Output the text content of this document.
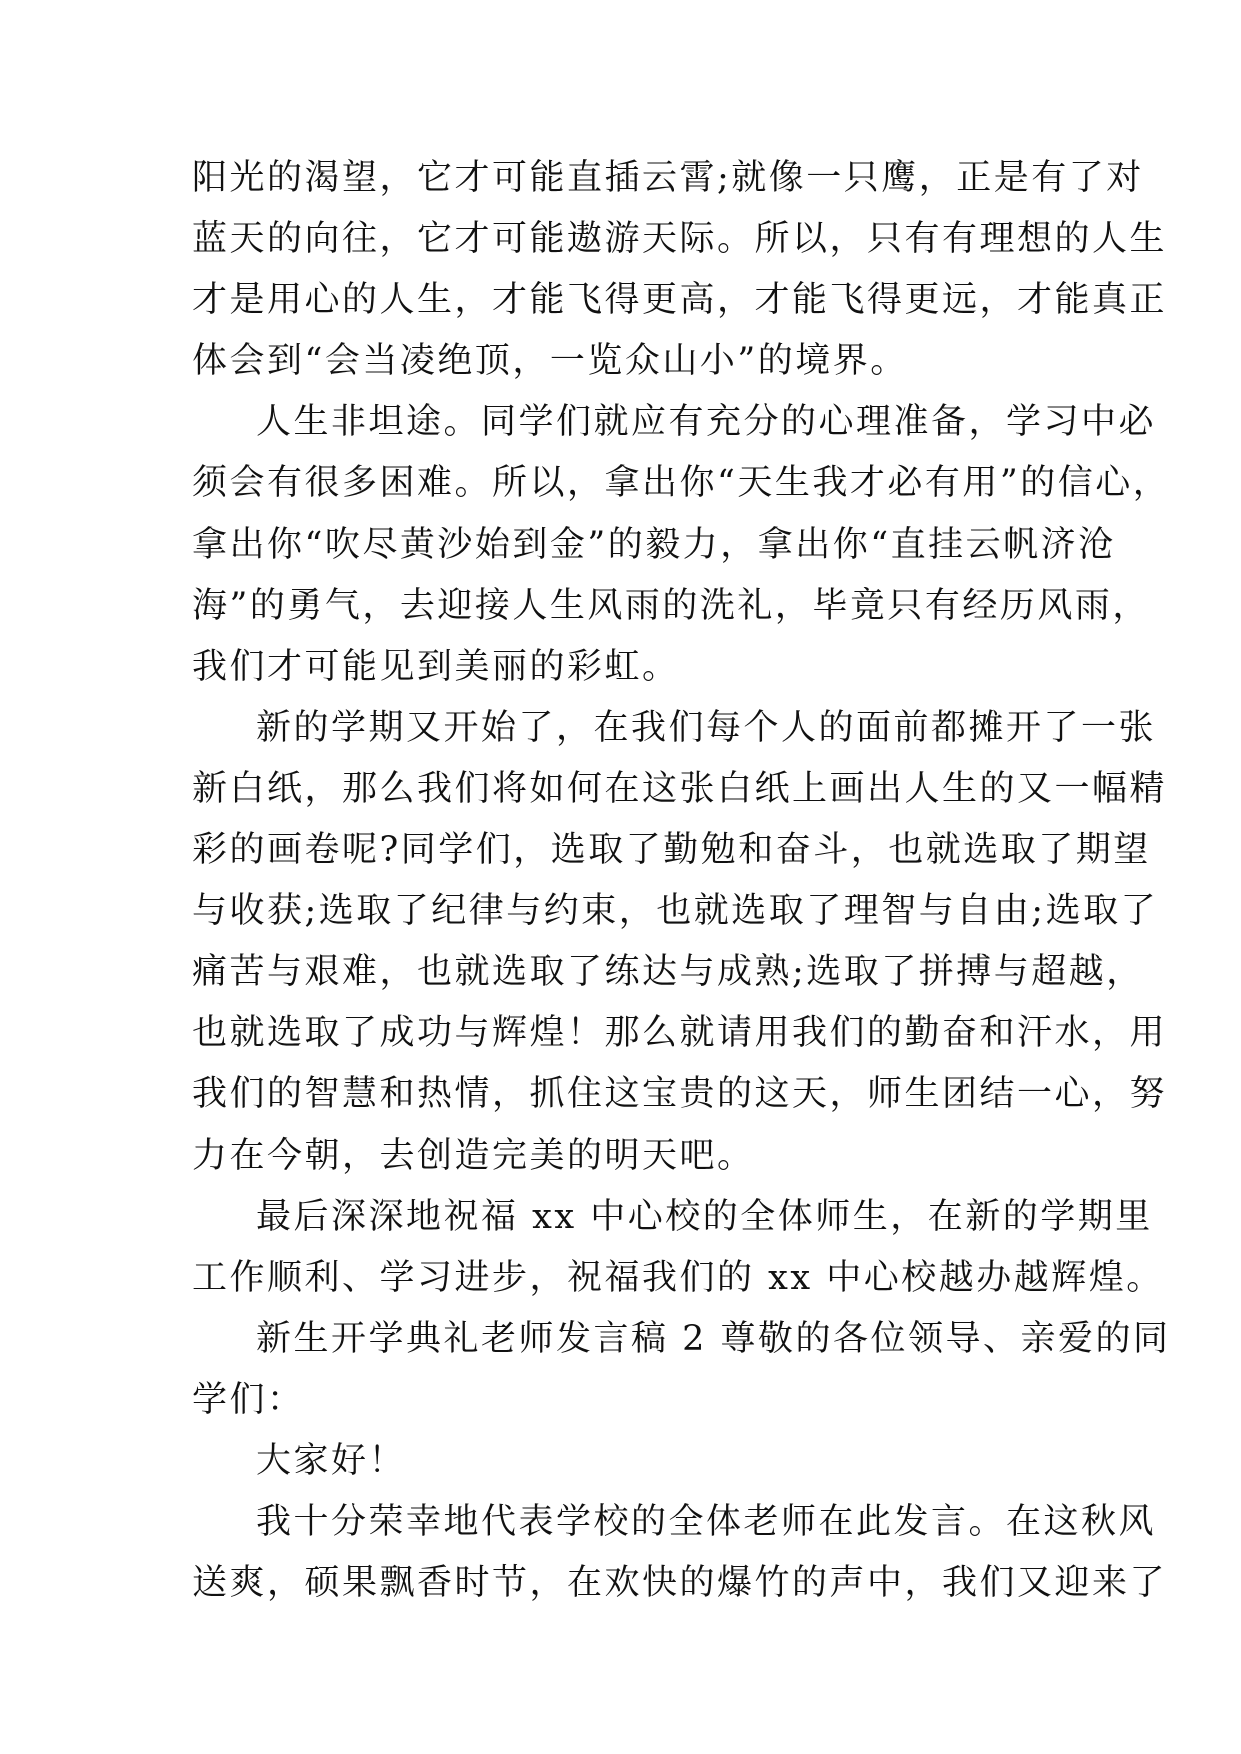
阳光的渴望，它才可能直插云霄;就像一只鹰，正是有了对
蓝天的向往，它才可能遨游天际。所以，只有有理想的人生
才是用心的人生，才能飞得更高，才能飞得更远，才能真正
体会到“会当凌绝顶，一览众山小”的境界。
人生非坦途。同学们就应有充分的心理准备，学习中必
须会有很多困难。所以，拿出你“天生我才必有用”的信心，
拿出你“吹尽黄沙始到金”的毅力，拿出你“直挂云帆济沧
海”的勇气，去迎接人生风雨的洗礼，毕竟只有经历风雨，
我们才可能见到美丽的彩虹。
新的学期又开始了，在我们每个人的面前都摊开了一张
新白纸，那么我们将如何在这张白纸上画出人生的又一幅精
彩的画卷呢?同学们，选取了勤勉和奋斗，也就选取了期望
与收获;选取了纪律与约束，也就选取了理智与自由;选取了
痛苦与艰难，也就选取了练达与成熟;选取了拼搏与超越，
也就选取了成功与辉煌！那么就请用我们的勤奋和汗水，用
我们的智慧和热情，抓住这宝贵的这天，师生团结一心，努
力在今朝，去创造完美的明天吧。
最后深深地祝福 xx 中心校的全体师生，在新的学期里
工作顺利、学习进步，祝福我们的 xx 中心校越办越辉煌。
新生开学典礼老师发言稿 2 尊敬的各位领导、亲爱的同
学们：
大家好！
我十分荣幸地代表学校的全体老师在此发言。在这秋风
送爽，硕果飘香时节，在欢快的爆竹的声中，我们又迎来了
